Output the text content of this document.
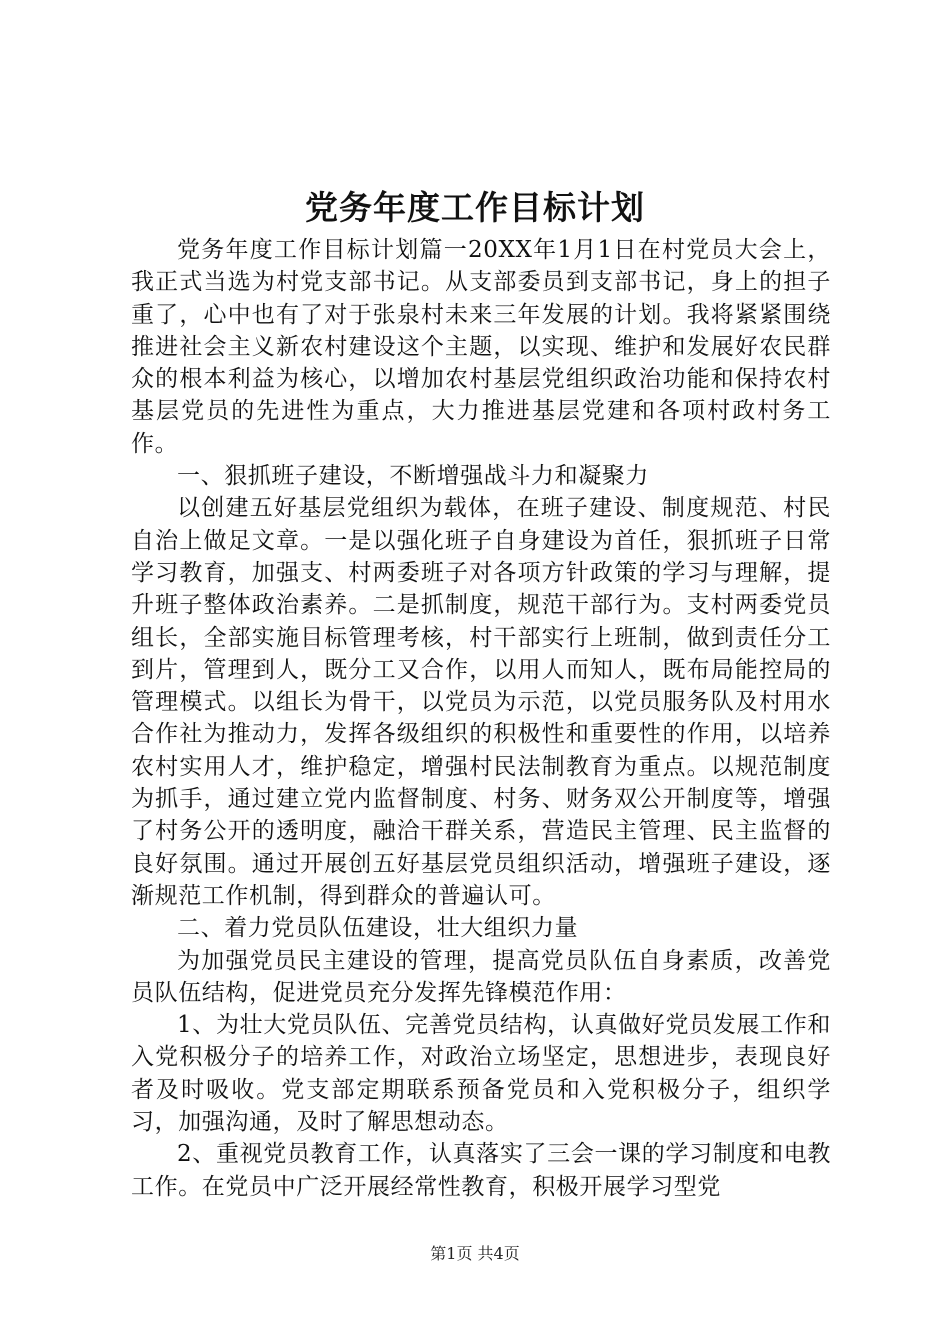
党务年度工作目标计划

党务年度工作目标计划篇一20XX年1月1日在村党员大会上，我正式当选为村党支部书记。从支部委员到支部书记，身上的担子重了，心中也有了对于张泉村未来三年发展的计划。我将紧紧围绕推进社会主义新农村建设这个主题，以实现、维护和发展好农民群众的根本利益为核心，以增加农村基层党组织政治功能和保持农村基层党员的先进性为重点，大力推进基层党建和各项村政村务工作。

一、狠抓班子建设，不断增强战斗力和凝聚力

以创建五好基层党组织为载体，在班子建设、制度规范、村民自治上做足文章。一是以强化班子自身建设为首任，狠抓班子日常学习教育，加强支、村两委班子对各项方针政策的学习与理解，提升班子整体政治素养。二是抓制度，规范干部行为。支村两委党员组长，全部实施目标管理考核，村干部实行上班制，做到责任分工到片，管理到人，既分工又合作，以用人而知人，既布局能控局的管理模式。以组长为骨干，以党员为示范，以党员服务队及村用水合作社为推动力，发挥各级组织的积极性和重要性的作用，以培养农村实用人才，维护稳定，增强村民法制教育为重点。以规范制度为抓手，通过建立党内监督制度、村务、财务双公开制度等，增强了村务公开的透明度，融洽干群关系，营造民主管理、民主监督的良好氛围。通过开展创五好基层党员组织活动，增强班子建设，逐渐规范工作机制，得到群众的普遍认可。

二、着力党员队伍建设，壮大组织力量

为加强党员民主建设的管理，提高党员队伍自身素质，改善党员队伍结构，促进党员充分发挥先锋模范作用：

1、为壮大党员队伍、完善党员结构，认真做好党员发展工作和入党积极分子的培养工作，对政治立场坚定，思想进步，表现良好者及时吸收。党支部定期联系预备党员和入党积极分子，组织学习，加强沟通，及时了解思想动态。

2、重视党员教育工作，认真落实了三会一课的学习制度和电教工作。在党员中广泛开展经常性教育，积极开展学习型党

第1页 共4页
